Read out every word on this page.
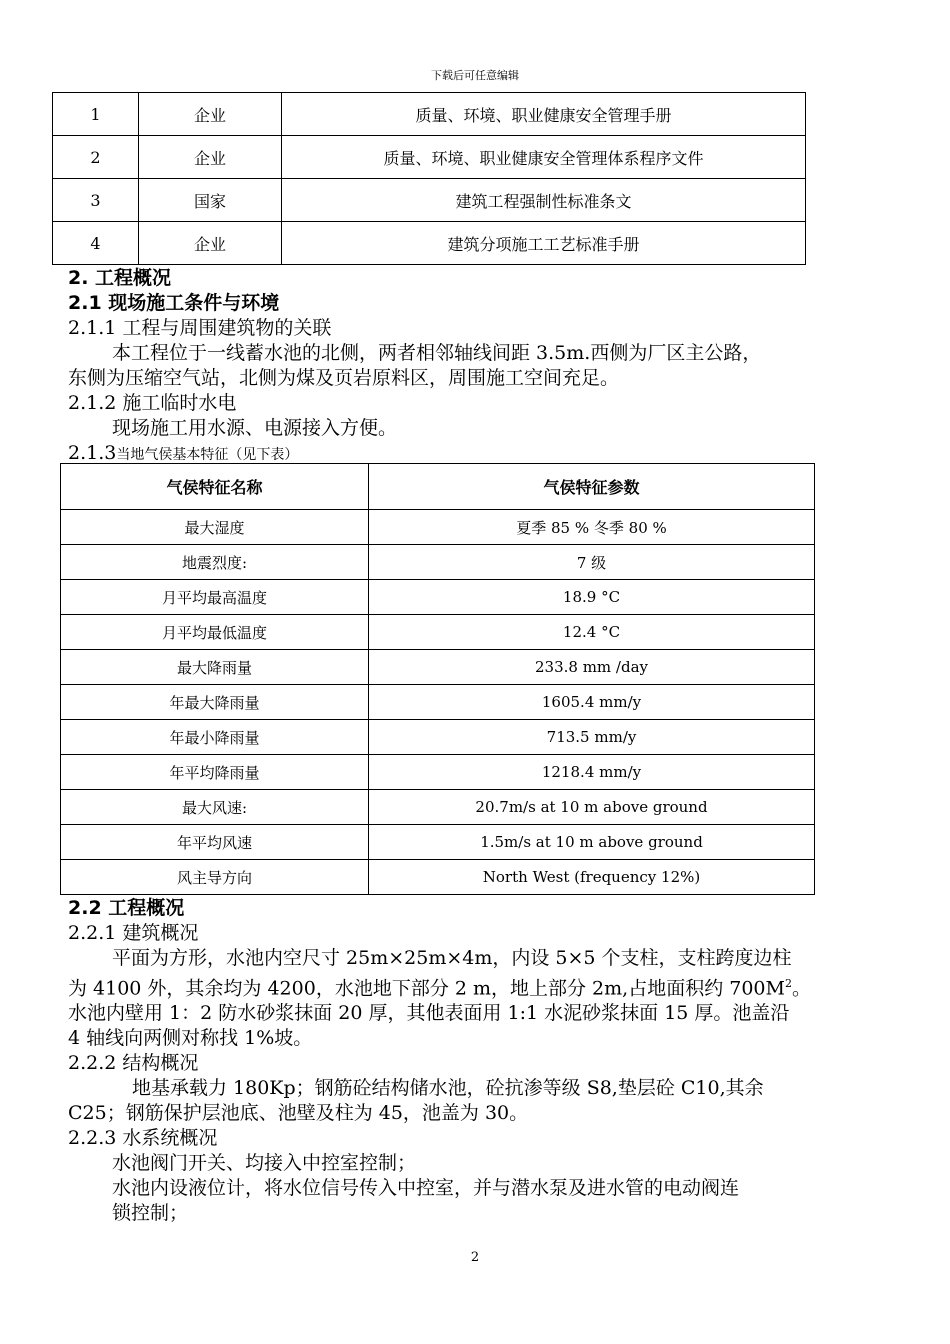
下载后可任意编辑
1	企业	质量、环境、职业健康安全管理手册
2	企业	质量、环境、职业健康安全管理体系程序文件
3	国家	建筑工程强制性标准条文
4	企业	建筑分项施工工艺标准手册
2. 工程概况
2.1 现场施工条件与环境
2.1.1 工程与周围建筑物的关联
本工程位于一线蓄水池的北侧，两者相邻轴线间距 3.5m.西侧为厂区主公路，
东侧为压缩空气站，北侧为煤及页岩原料区，周围施工空间充足。
2.1.2 施工临时水电
现场施工用水源、电源接入方便。
2.1.3当地气侯基本特征（见下表）
气侯特征名称	气侯特征参数
最大湿度	夏季 85 % 冬季 80 %
地震烈度:	7 级
月平均最高温度	18.9 °C
月平均最低温度	12.4 °C
最大降雨量	233.8 mm /day
年最大降雨量	1605.4 mm/y
年最小降雨量	713.5 mm/y
年平均降雨量	1218.4 mm/y
最大风速:	20.7m/s at 10 m above ground
年平均风速	1.5m/s at 10 m above ground
风主导方向	North West (frequency 12%)
2.2 工程概况
2.2.1 建筑概况
平面为方形，水池内空尺寸 25m×25m×4m，内设 5×5 个支柱，支柱跨度边柱
为 4100 外，其余均为 4200，水池地下部分 2 m，地上部分 2m,占地面积约 $700M^2$。
水池内壁用 1：2 防水砂浆抹面 20 厚，其他表面用 1:1 水泥砂浆抹面 15 厚。池盖沿
4 轴线向两侧对称找 1%坡。
2.2.2 结构概况
地基承载力 180Kp；钢筋砼结构储水池，砼抗渗等级 S8,垫层砼 C10,其余
C25；钢筋保护层池底、池壁及柱为 45，池盖为 30。
2.2.3 水系统概况
水池阀门开关、均接入中控室控制；
水池内设液位计，将水位信号传入中控室，并与潜水泵及进水管的电动阀连
锁控制；
2
